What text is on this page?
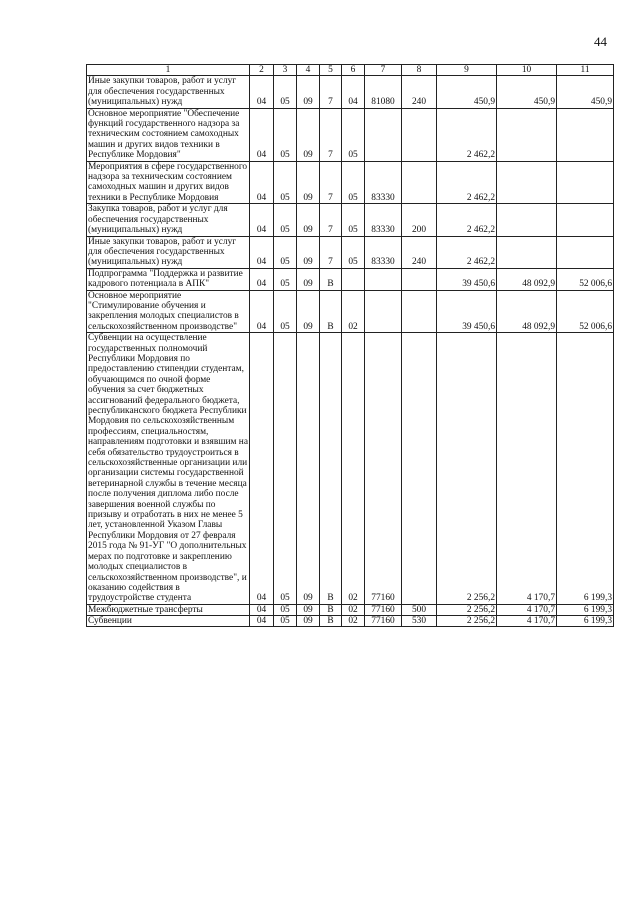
44
1	2	3	4	5	6	7	8	9	10	11
Иные закупки товаров, работ и услуг для обеспечения государственных (муниципальных) нужд	04	05	09	7	04	81080	240	450,9	450,9	450,9
Основное мероприятие "Обеспечение функций государственного надзора за техническим состоянием самоходных машин и других видов техники в Республике Мордовия"	04	05	09	7	05			2 462,2		
Мероприятия в сфере государственного надзора за техническим состоянием самоходных машин и других видов техники в Республике Мордовия	04	05	09	7	05	83330		2 462,2		
Закупка товаров, работ и услуг для обеспечения государственных (муниципальных) нужд	04	05	09	7	05	83330	200	2 462,2		
Иные закупки товаров, работ и услуг для обеспечения государственных (муниципальных) нужд	04	05	09	7	05	83330	240	2 462,2		
Подпрограмма "Поддержка и развитие кадрового потенциала в АПК"	04	05	09	В				39 450,6	48 092,9	52 006,6
Основное мероприятие "Стимулирование обучения и закрепления молодых специалистов в сельскохозяйственном производстве"	04	05	09	В	02			39 450,6	48 092,9	52 006,6
Субвенции на осуществление государственных полномочий Республики Мордовия по предоставлению стипендии студентам, обучающимся по очной форме обучения за счет бюджетных ассигнований федерального бюджета, республиканского бюджета Республики Мордовия по сельскохозяйственным профессиям, специальностям, направлениям подготовки и взявшим на себя обязательство трудоустроиться в сельскохозяйственные организации или организации системы государственной ветеринарной службы в течение месяца после получения диплома либо после завершения военной службы по призыву и отработать в них не менее 5 лет, установленной Указом Главы Республики Мордовия от 27 февраля 2015 года № 91-УГ "О дополнительных мерах по подготовке и закреплению молодых специалистов в сельскохозяйственном производстве", и оказанию содействия в трудоустройстве студента	04	05	09	В	02	77160		2 256,2	4 170,7	6 199,3
Межбюджетные трансферты	04	05	09	В	02	77160	500	2 256,2	4 170,7	6 199,3
Субвенции	04	05	09	В	02	77160	530	2 256,2	4 170,7	6 199,3
